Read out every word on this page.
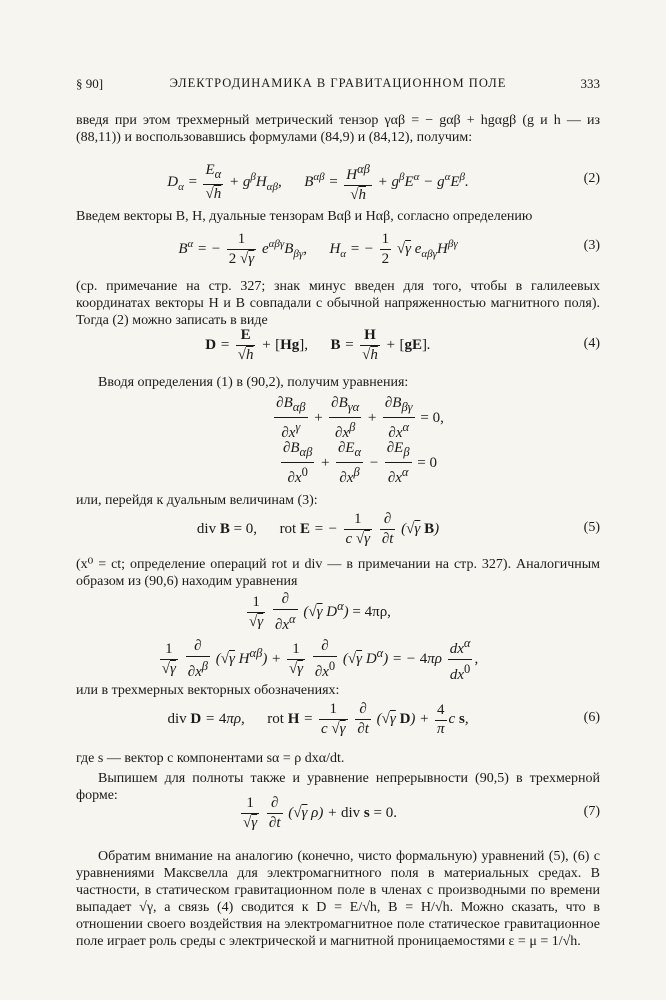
§ 90]	ЭЛЕКТРОДИНАМИКА В ГРАВИТАЦИОННОМ ПОЛЕ	333
введя при этом трехмерный метрический тензор γαβ = − gαβ + hgαgβ (g и h — из (88,11)) и воспользовавшись формулами (84,9) и (84,12), получим:
$D_\alpha = \frac{E_\alpha}{√h} + g^\beta H_{\alpha\beta}$,      $B^{\alpha\beta} = \frac{H^{\alpha\beta}}{√h} + g^\beta E^\alpha - g^\alpha E^\beta$.	(2)
Введем векторы B, H, дуальные тензорам Bαβ и Hαβ, согласно определению
$B^\alpha$ = − $\frac{1}{2 √\gamma} e^{\alpha\beta\gamma}B_{\beta\gamma}$,      $H_\alpha$ = − $\frac{1}{2} √\gamma$ $e_{\alpha\beta\gamma}H^{\beta\gamma}$	(3)
(ср. примечание на стр. 327; знак минус введен для того, чтобы в галилеевых координатах векторы H и B совпадали с обычной напряженностью магнитного поля). Тогда (2) можно записать в виде
$D = \frac{E}{√h} + [Hg]$,      $B = \frac{H}{√h} + [gE]$.	(4)
Вводя определения (1) в (90,2), получим уравнения:
$\frac{\partial B_{\alpha\beta}}{\partial x^\gamma} + \frac{\partial B_{\gamma\alpha}}{\partial x^\beta} + \frac{\partial B_{\beta\gamma}}{\partial x^\alpha} = 0$,
$\frac{\partial B_{\alpha\beta}}{\partial x^0} + \frac{\partial E_\alpha}{\partial x^\beta} - \frac{\partial E_\beta}{\partial x^\alpha} = 0$
или, перейдя к дуальным величинам (3):
div B = 0, rot E = − $\frac{1}{c √\gamma}$
$\frac{\partial}{\partial t} (√\gamma$ B)	(5)
(x⁰ = ct; определение операций rot и div — в примечании на стр. 327). Аналогичным образом из (90,6) находим уравнения
$\frac{1}{√\gamma}$
$\frac{\partial}{\partial x^\alpha} (√\gamma$ $D^\alpha) = 4\pi\rho$,
$\frac{1}{√\gamma}$
$\frac{\partial}{\partial x^\beta} (√\gamma$ $H^{\alpha\beta}) + \frac{1}{√\gamma}$
$\frac{\partial}{\partial x^0} (√\gamma$ $D^\alpha$) = − $4\pi\rho \frac{dx^\alpha}{dx^0}$ ,
или в трехмерных векторных обозначениях:
div D = 4πρ,      rot $H = \frac{1}{c √\gamma}$
$\frac{\partial}{\partial t} (√\gamma$ D) +
4
πc s,	(6)
где s — вектор с компонентами sα = ρ dxα/dt.
Выпишем для полноты также и уравнение непрерывности (90,5) в трехмерной форме:	$\frac{1}{√\gamma}$
$\frac{\partial}{\partial t} (√\gamma$ ρ) + div s = 0.	(7)
Обратим внимание на аналогию (конечно, чисто формальную) уравнений (5), (6) с уравнениями Максвелла для электромагнитного поля в материальных средах. В частности, в статическом гравитационном поле в членах с производными по времени выпадает √γ, а связь (4) сводится к D = E/√h, B = H/√h. Можно сказать, что в отношении своего воздействия на электромагнитное поле статическое гравитационное поле играет роль среды с электрической и магнитной проницаемостями ε = μ = 1/√h.
